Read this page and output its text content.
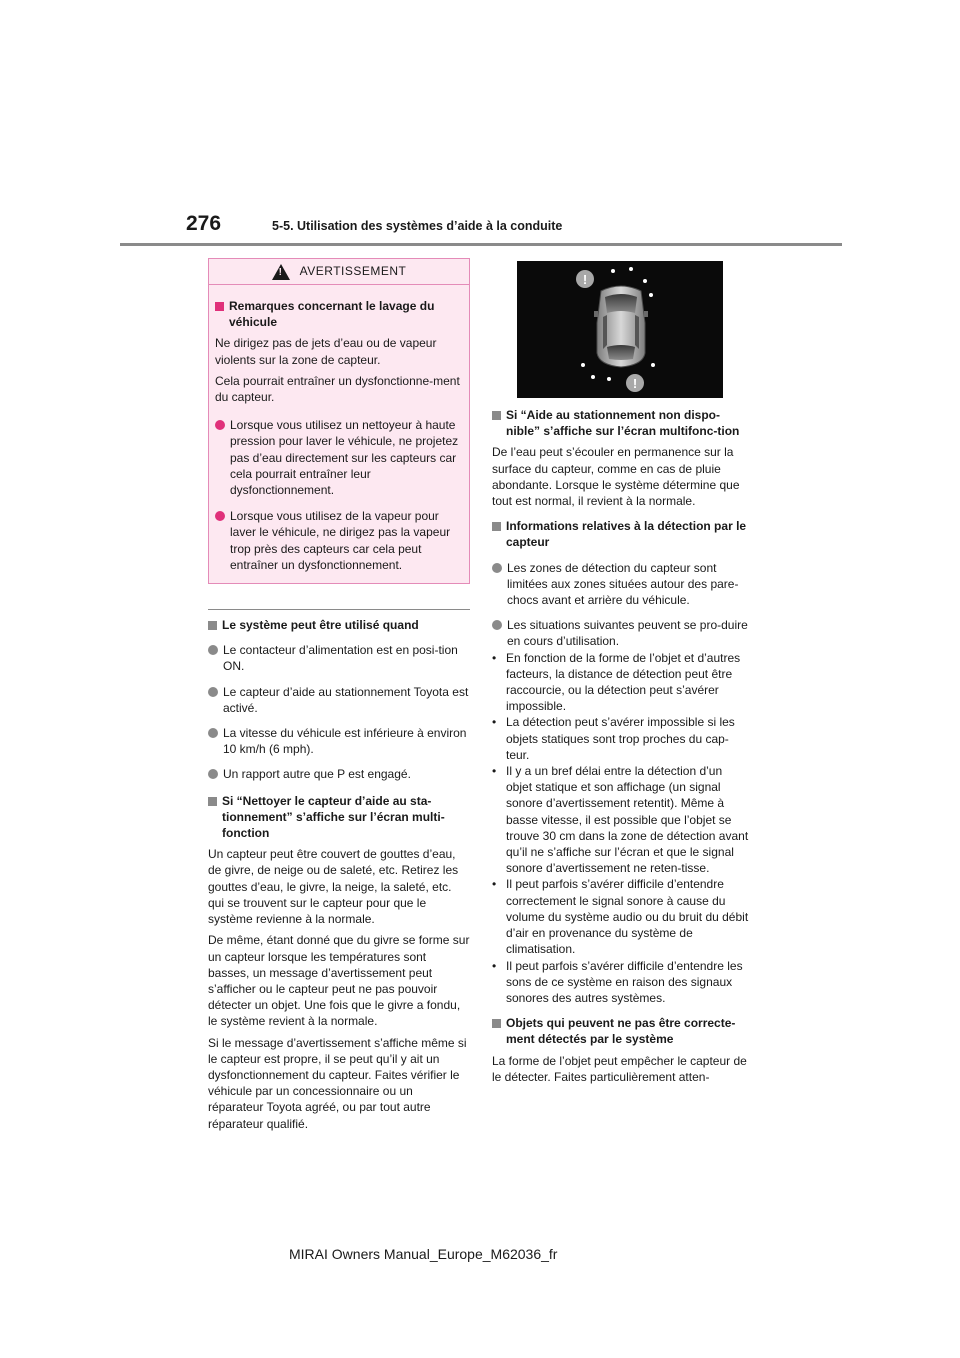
276	5-5. Utilisation des systèmes d’aide à la conduite
! AVERTISSEMENT
Remarques concernant le lavage du véhicule
Ne dirigez pas de jets d’eau ou de vapeur violents sur la zone de capteur.
Cela pourrait entraîner un dysfonctionne-ment du capteur.
Lorsque vous utilisez un nettoyeur à haute pression pour laver le véhicule, ne projetez pas d’eau directement sur les capteurs car cela pourrait entraîner leur dysfonctionnement.
Lorsque vous utilisez de la vapeur pour laver le véhicule, ne dirigez pas la vapeur trop près des capteurs car cela peut entraîner un dysfonctionnement.
Le système peut être utilisé quand
Le contacteur d’alimentation est en posi-tion ON.
Le capteur d’aide au stationnement Toyota est activé.
La vitesse du véhicule est inférieure à environ 10 km/h (6 mph).
Un rapport autre que P est engagé.
Si “Nettoyer le capteur d’aide au sta-tionnement” s’affiche sur l’écran multi-fonction
Un capteur peut être couvert de gouttes d’eau, de givre, de neige ou de saleté, etc. Retirez les gouttes d’eau, le givre, la neige, la saleté, etc. qui se trouvent sur le capteur pour que le système revienne à la normale.
De même, étant donné que du givre se forme sur un capteur lorsque les températures sont basses, un message d’avertissement peut s’afficher ou le capteur peut ne pas pouvoir détecter un objet. Une fois que le givre a fondu, le système revient à la normale.
Si le message d’avertissement s’affiche même si le capteur est propre, il se peut qu’il y ait un dysfonctionnement du capteur. Faites vérifier le véhicule par un concessionnaire ou un réparateur Toyota agréé, ou par tout autre réparateur qualifié.
!
!
Si “Aide au stationnement non dispo-nible” s’affiche sur l’écran multifonc-tion
De l’eau peut s’écouler en permanence sur la surface du capteur, comme en cas de pluie abondante. Lorsque le système détermine que tout est normal, il revient à la normale.
Informations relatives à la détection par le capteur
Les zones de détection du capteur sont limitées aux zones situées autour des pare-chocs avant et arrière du véhicule.
Les situations suivantes peuvent se pro-duire en cours d’utilisation.
• En fonction de la forme de l’objet et d’autres facteurs, la distance de détection peut être raccourcie, ou la détection peut s’avérer impossible.
• La détection peut s’avérer impossible si les objets statiques sont trop proches du cap-teur.
• Il y a un bref délai entre la détection d’un objet statique et son affichage (un signal sonore d’avertissement retentit). Même à basse vitesse, il est possible que l’objet se trouve 30 cm dans la zone de détection avant qu’il ne s’affiche sur l’écran et que le signal sonore d’avertissement ne reten-tisse.
• Il peut parfois s’avérer difficile d’entendre correctement le signal sonore à cause du volume du système audio ou du bruit du débit d’air en provenance du système de climatisation.
• Il peut parfois s’avérer difficile d’entendre les sons de ce système en raison des signaux sonores des autres systèmes.
Objets qui peuvent ne pas être correcte-ment détectés par le système
La forme de l’objet peut empêcher le capteur de le détecter. Faites particulièrement atten-
MIRAI Owners Manual_Europe_M62036_fr
